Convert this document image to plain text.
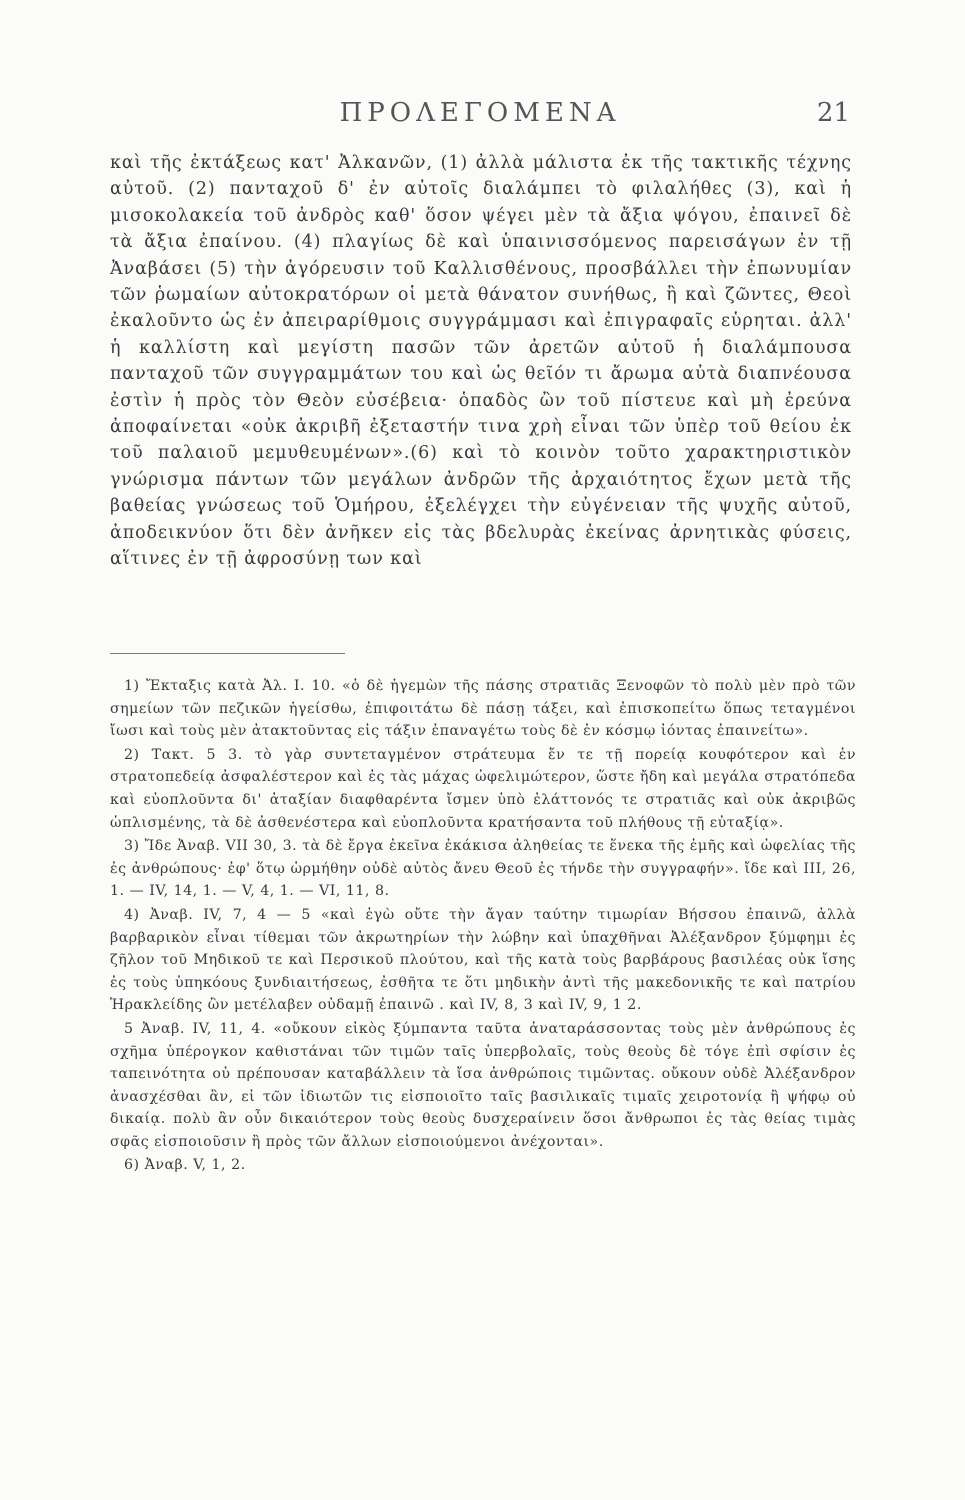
ΠΡΟΛΕΓΟΜΕΝΑ	21

καὶ τῆς ἐκτάξεως κατ' Ἀλκανῶν, (1) ἀλλὰ μάλιστα ἐκ τῆς τακτικῆς τέχνης αὐτοῦ. (2) πανταχοῦ δ' ἐν αὐτοῖς διαλάμπει τὸ φιλαλήθες (3), καὶ ἡ μισοκολακεία τοῦ ἀνδρὸς καθ' ὅσον ψέγει μὲν τὰ ἄξια ψόγου, ἐπαινεῖ δὲ τὰ ἄξια ἐπαίνου. (4) πλαγίως δὲ καὶ ὑπαινισσόμενος παρεισάγων ἐν τῇ Ἀναβάσει (5) τὴν ἀγόρευσιν τοῦ Καλλισθένους, προσβάλλει τὴν ἐπωνυμίαν τῶν ῥωμαίων αὐτοκρατόρων οἱ μετὰ θάνατον συνήθως, ἢ καὶ ζῶντες, Θεοὶ ἐκαλοῦντο ὡς ἐν ἀπειραρίθμοις συγγράμμασι καὶ ἐπιγραφαῖς εὑρηται. ἀλλ' ἡ καλλίστη καὶ μεγίστη πασῶν τῶν ἀρετῶν αὐτοῦ ἡ διαλάμπουσα πανταχοῦ τῶν συγγραμμάτων του καὶ ὡς θεῖόν τι ἄρωμα αὐτὰ διαπνέουσα ἐστὶν ἡ πρὸς τὸν Θεὸν εὐσέβεια· ὁπαδὸς ὢν τοῦ πίστευε καὶ μὴ ἐρεύνα ἀποφαίνεται «οὐκ ἀκριβῆ ἐξεταστήν τινα χρὴ εἶναι τῶν ὑπὲρ τοῦ θείου ἐκ τοῦ παλαιοῦ μεμυθευμένων».(6) καὶ τὸ κοινὸν τοῦτο χαρακτηριστικὸν γνώρισμα πάντων τῶν μεγάλων ἀνδρῶν τῆς ἀρχαιότητος ἔχων μετὰ τῆς βαθείας γνώσεως τοῦ Ὁμήρου, ἐξελέγχει τὴν εὐγένειαν τῆς ψυχῆς αὐτοῦ, ἀποδεικνύον ὅτι δὲν ἀνῆκεν εἰς τὰς βδελυρὰς ἐκείνας ἀρνητικὰς φύσεις, αἵτινες ἐν τῇ ἀφροσύνῃ των καὶ

1) Ἔκταξις κατὰ Ἀλ. I. 10. «ὁ δὲ ἡγεμὼν τῆς πάσης στρατιᾶς Ξενοφῶν τὸ πολὺ μὲν πρὸ τῶν σημείων τῶν πεζικῶν ἡγείσθω, ἐπιφοιτάτω δὲ πάσῃ τάξει, καὶ ἐπισκοπείτω ὅπως τεταγμένοι ἴωσι καὶ τοὺς μὲν ἀτακτοῦντας εἰς τάξιν ἐπαναγέτω τοὺς δὲ ἐν κόσμῳ ἰόντας ἐπαινείτω».

2) Τακτ. 5 3. τὸ γὰρ συντεταγμένον στράτευμα ἔν τε τῇ πορείᾳ κουφότερον καὶ ἐν στρατοπεδείᾳ ἀσφαλέστερον καὶ ἐς τὰς μάχας ὠφελιμώτερον, ὥστε ἤδη καὶ μεγάλα στρατόπεδα καὶ εὐοπλοῦντα δι' ἀταξίαν διαφθαρέντα ἴσμεν ὑπὸ ἐλάττονός τε στρατιᾶς καὶ οὐκ ἀκριβῶς ὡπλισμένης, τὰ δὲ ἀσθενέστερα καὶ εὐοπλοῦντα κρατήσαντα τοῦ πλήθους τῇ εὐταξίᾳ».

3) Ἴδε Ἀναβ. VII 30, 3. τὰ δὲ ἔργα ἐκεῖνα ἐκάκισα ἀληθείας τε ἕνεκα τῆς ἐμῆς καὶ ὠφελίας τῆς ἐς ἀνθρώπους· ἐφ' ὅτῳ ὡρμήθην οὐδὲ αὐτὸς ἄνευ Θεοῦ ἐς τήνδε τὴν συγγραφήν». ἴδε καὶ III, 26, 1. — IV, 14, 1. — V, 4, 1. — VI, 11, 8.

4) Ἀναβ. IV, 7, 4 — 5 «καὶ ἐγὼ οὔτε τὴν ἄγαν ταύτην τιμωρίαν Βήσσου ἐπαινῶ, ἀλλὰ βαρβαρικὸν εἶναι τίθεμαι τῶν ἀκρωτηρίων τὴν λώβην καὶ ὑπαχθῆναι Ἀλέξανδρον ξύμφημι ἐς ζῆλον τοῦ Μηδικοῦ τε καὶ Περσικοῦ πλούτου, καὶ τῆς κατὰ τοὺς βαρβάρους βασιλέας οὐκ ἴσης ἐς τοὺς ὑπηκόους ξυνδιαιτήσεως, ἐσθῆτα τε ὅτι μηδικὴν ἀντὶ τῆς μακεδονικῆς τε καὶ πατρίου Ἡρακλείδης ὢν μετέλαβεν οὐδαμῇ ἐπαινῶ . καὶ IV, 8, 3 καὶ IV, 9, 1 2.

5 Ἀναβ. IV, 11, 4. «οὔκουν εἰκὸς ξύμπαντα ταῦτα ἀναταράσσοντας τοὺς μὲν ἀνθρώπους ἐς σχῆμα ὑπέρογκον καθιστάναι τῶν τιμῶν ταῖς ὑπερβολαῖς, τοὺς θεοὺς δὲ τόγε ἐπὶ σφίσιν ἐς ταπεινότητα οὐ πρέπουσαν καταβάλλειν τὰ ἴσα ἀνθρώποις τιμῶντας. οὔκουν οὐδὲ Ἀλέξανδρον ἀνασχέσθαι ἂν, εἰ τῶν ἰδιωτῶν τις εἰσποιοῖτο ταῖς βασιλικαῖς τιμαῖς χειροτονίᾳ ἢ ψήφῳ οὐ δικαίᾳ. πολὺ ἂν οὖν δικαιότερον τοὺς θεοὺς δυσχεραίνειν ὅσοι ἄνθρωποι ἐς τὰς θείας τιμὰς σφᾶς εἰσποιοῦσιν ἢ πρὸς τῶν ἄλλων εἰσποιούμενοι ἀνέχονται».

6) Ἀναβ. V, 1, 2.
